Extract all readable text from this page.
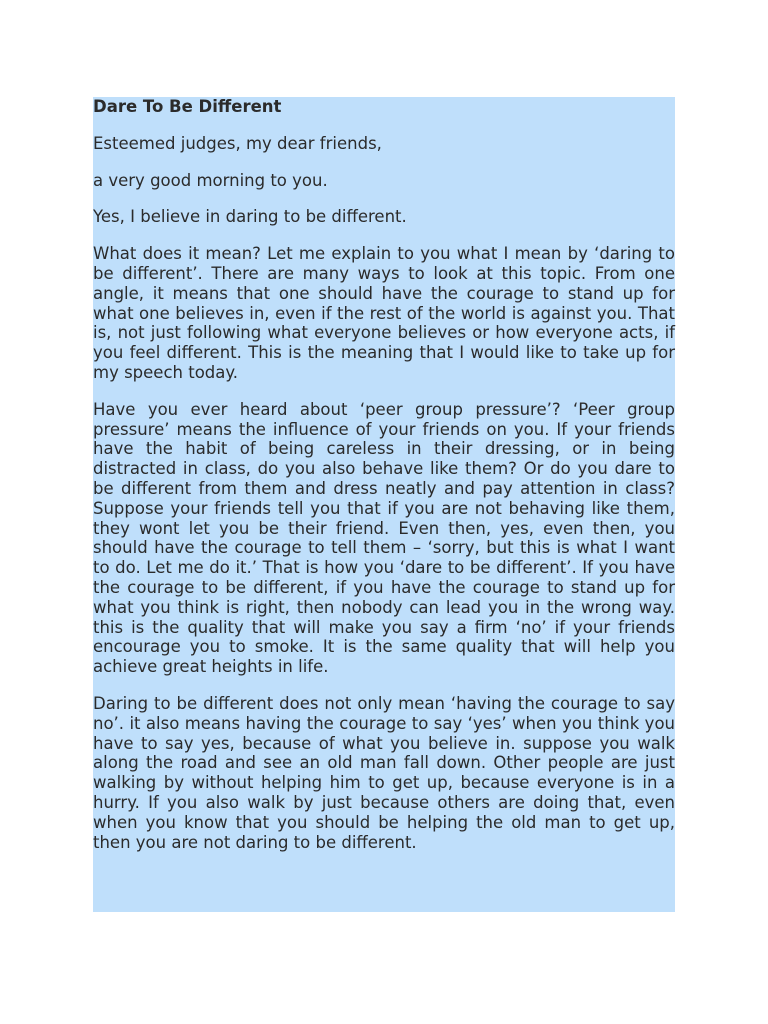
Dare To Be Different

Esteemed judges, my dear friends,

a very good morning to you.

Yes, I believe in daring to be different.

What does it mean? Let me explain to you what I mean by ‘daring to be different’. There are many ways to look at this topic. From one angle, it means that one should have the courage to stand up for what one believes in, even if the rest of the world is against you. That is, not just following what everyone believes or how everyone acts, if you feel different. This is the meaning that I would like to take up for my speech today.

Have you ever heard about ‘peer group pressure’? ‘Peer group pressure’ means the influence of your friends on you. If your friends have the habit of being careless in their dressing, or in being distracted in class, do you also behave like them? Or do you dare to be different from them and dress neatly and pay attention in class? Suppose your friends tell you that if you are not behaving like them, they wont let you be their friend. Even then, yes, even then, you should have the courage to tell them – ‘sorry, but this is what I want to do. Let me do it.’ That is how you ‘dare to be different’. If you have the courage to be different, if you have the courage to stand up for what you think is right, then nobody can lead you in the wrong way. this is the quality that will make you say a firm ‘no’ if your friends encourage you to smoke. It is the same quality that will help you achieve great heights in life.

Daring to be different does not only mean ‘having the courage to say no’. it also means having the courage to say ‘yes’ when you think you have to say yes, because of what you believe in. suppose you walk along the road and see an old man fall down. Other people are just walking by without helping him to get up, because everyone is in a hurry. If you also walk by just because others are doing that, even when you know that you should be helping the old man to get up, then you are not daring to be different.
